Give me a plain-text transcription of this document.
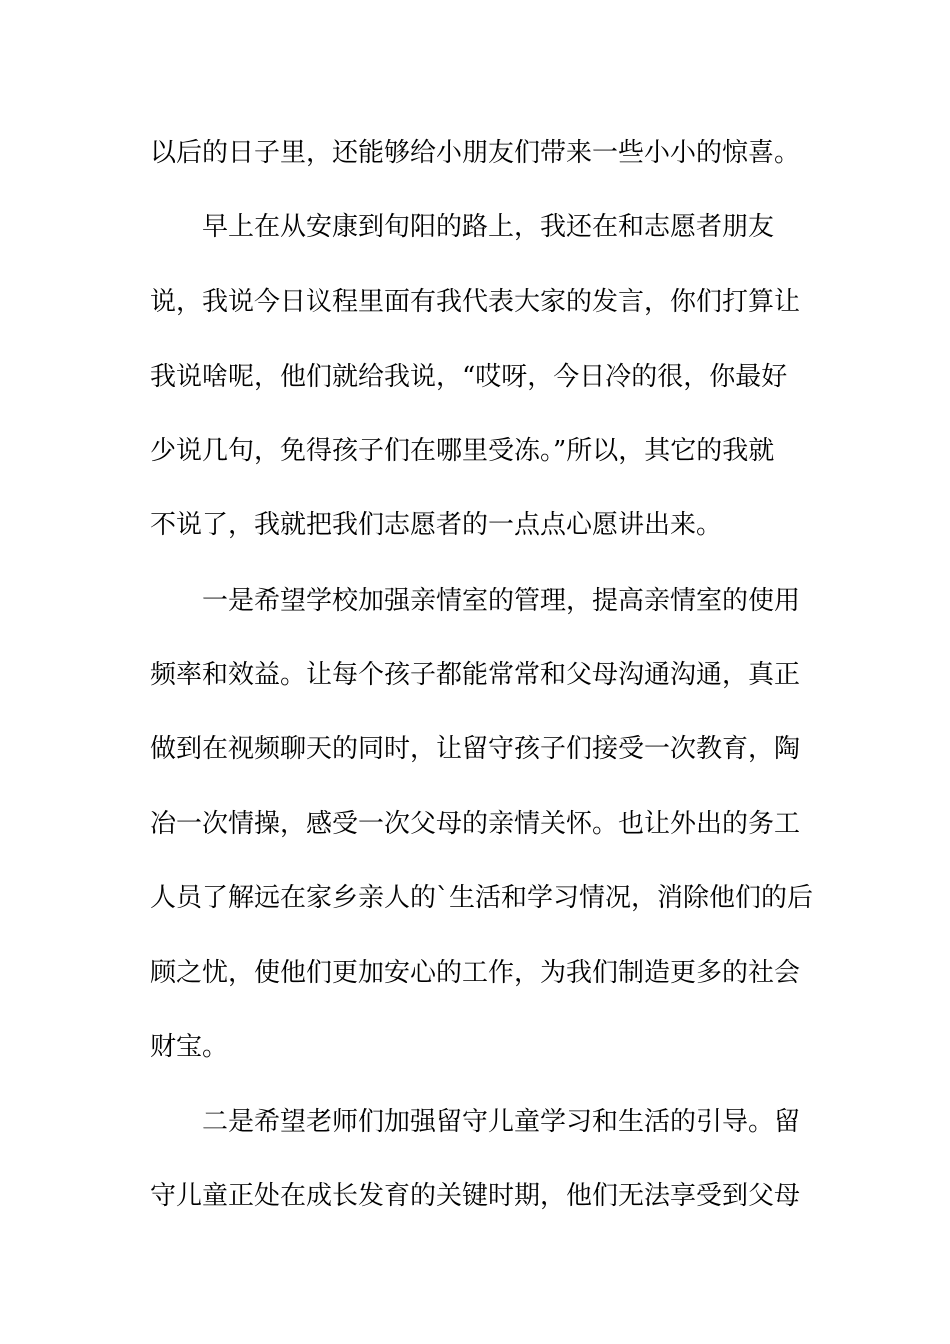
以后的日子里，还能够给小朋友们带来一些小小的惊喜。
早上在从安康到旬阳的路上，我还在和志愿者朋友
说，我说今日议程里面有我代表大家的发言，你们打算让
我说啥呢，他们就给我说，“哎呀，今日冷的很，你最好
少说几句，免得孩子们在哪里受冻。”所以，其它的我就
不说了，我就把我们志愿者的一点点心愿讲出来。
一是希望学校加强亲情室的管理，提高亲情室的使用
频率和效益。让每个孩子都能常常和父母沟通沟通，真正
做到在视频聊天的同时，让留守孩子们接受一次教育，陶
冶一次情操，感受一次父母的亲情关怀。也让外出的务工
人员了解远在家乡亲人的`生活和学习情况，消除他们的后
顾之忧，使他们更加安心的工作，为我们制造更多的社会
财宝。
二是希望老师们加强留守儿童学习和生活的引导。留
守儿童正处在成长发育的关键时期，他们无法享受到父母
